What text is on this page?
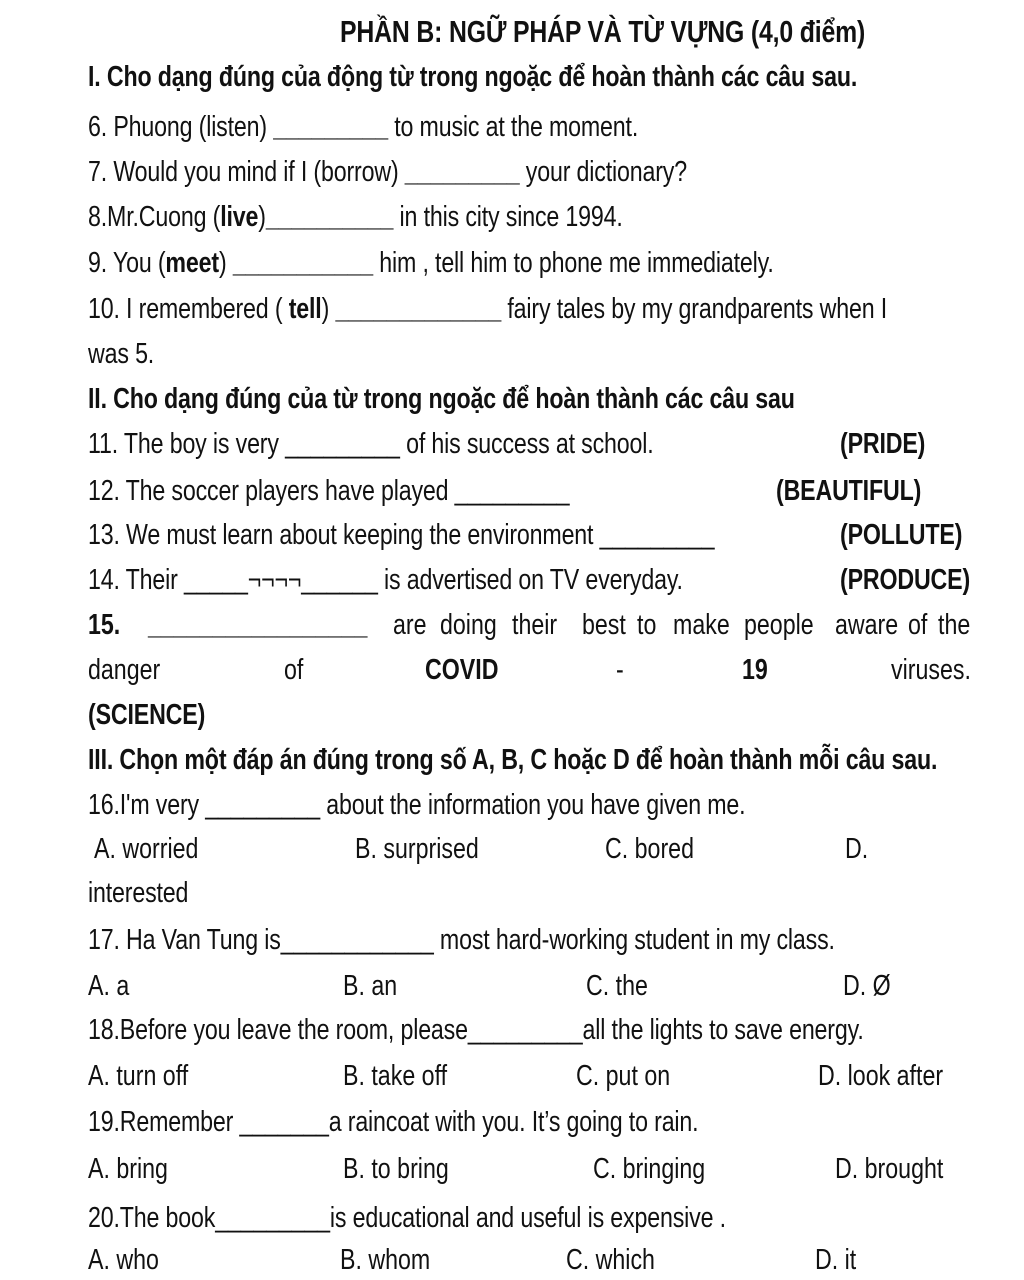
PHẦN B: NGỮ PHÁP VÀ TỪ VỰNG (4,0 điểm)
I. Cho dạng đúng của động từ trong ngoặc để hoàn thành các câu sau.
6. Phuong (listen) _________ to music at the moment.
7. Would you mind if I (borrow) _________ your dictionary?
8.Mr.Cuong (live)__________ in this city since 1994.
9. You (meet) ___________ him , tell him to phone me immediately.
10. I remembered ( tell) _____________ fairy tales by my grandparents when I
was 5.
II. Cho dạng đúng của từ trong ngoặc để hoàn thành các câu sau
11. The boy is very _________ of his success at school.	(PRIDE)
12. The soccer players have played _________	(BEAUTIFUL)
13. We must learn about keeping the environment _________	(POLLUTE)
14. Their _____¬¬¬¬______ is advertised on TV everyday.	(PRODUCE)
15. _________________ are doing their best to make people aware of the
danger	of	COVID	-	19	viruses.
(SCIENCE)
III. Chọn một đáp án đúng trong số A, B, C hoặc D để hoàn thành mỗi câu sau.
16.I'm very _________ about the information you have given me.
A. worried	B. surprised	C. bored	D.
interested
17. Ha Van Tung is____________ most hard-working student in my class.
A. a	B. an	C. the	D. Ø
18.Before you leave the room, please_________all the lights to save energy.
A. turn off	B. take off	C. put on	D. look after
19.Remember _______a raincoat with you. It’s going to rain.
A. bring	B. to bring	C. bringing	D. brought
20.The book_________is educational and useful is expensive .
A. who	B. whom	C. which	D. it
